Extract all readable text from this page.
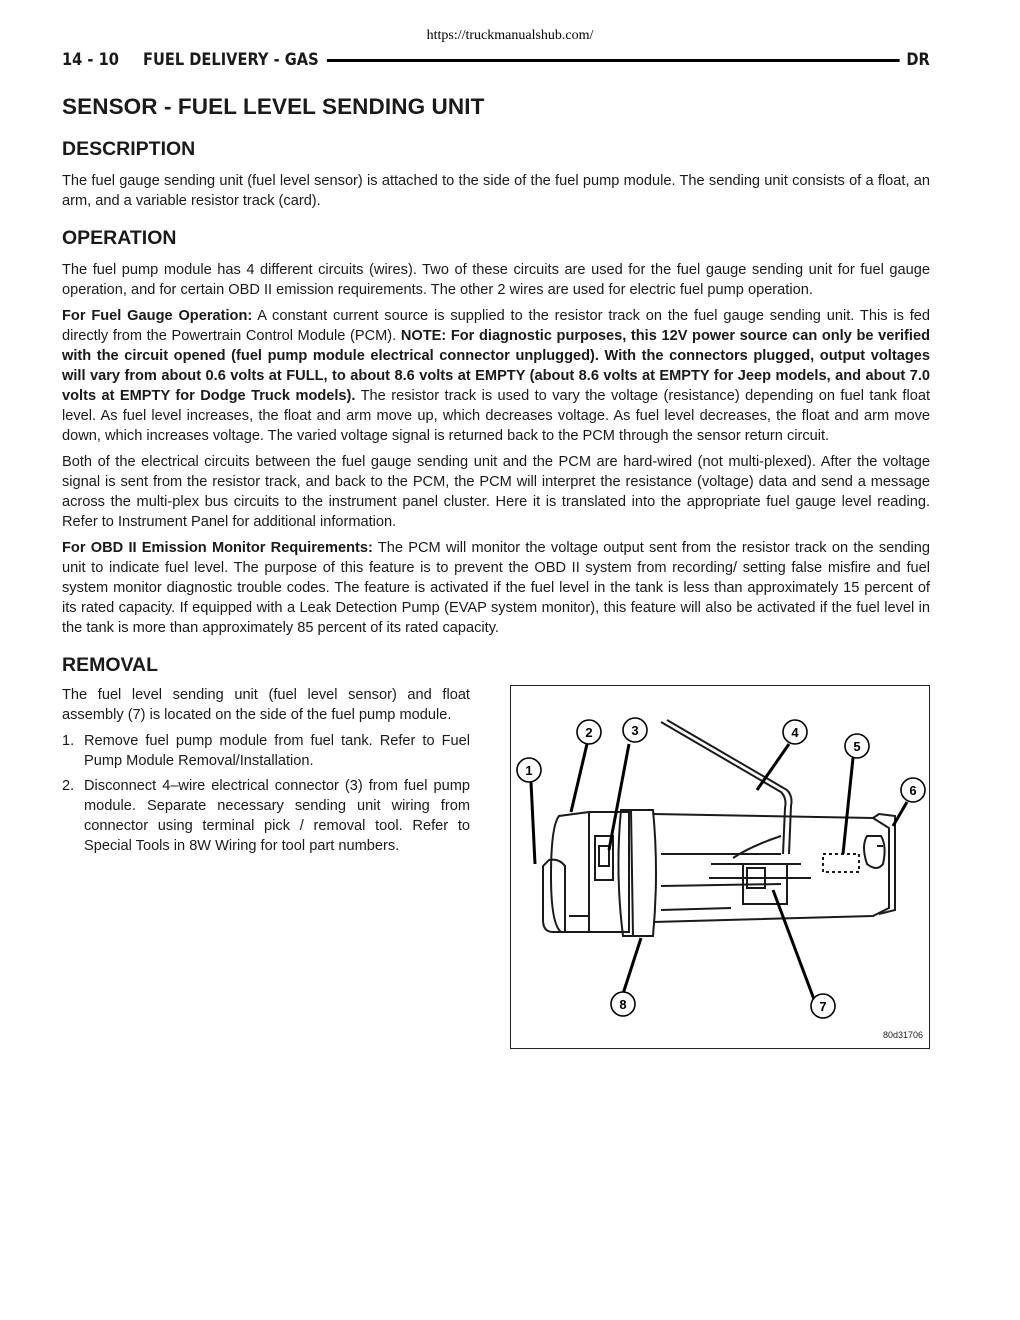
https://truckmanualshub.com/
14 - 10 FUEL DELIVERY - GAS	DR
SENSOR - FUEL LEVEL SENDING UNIT
DESCRIPTION

The fuel gauge sending unit (fuel level sensor) is attached to the side of the fuel pump module. The sending unit consists of a float, an arm, and a variable resistor track (card).

OPERATION

The fuel pump module has 4 different circuits (wires). Two of these circuits are used for the fuel gauge sending unit for fuel gauge operation, and for certain OBD II emission requirements. The other 2 wires are used for electric fuel pump operation.

For Fuel Gauge Operation: A constant current source is supplied to the resistor track on the fuel gauge sending unit. This is fed directly from the Powertrain Control Module (PCM). NOTE: For diagnostic purposes, this 12V power source can only be verified with the circuit opened (fuel pump module electrical connector unplugged). With the connectors plugged, output voltages will vary from about 0.6 volts at FULL, to about 8.6 volts at EMPTY (about 8.6 volts at EMPTY for Jeep models, and about 7.0 volts at EMPTY for Dodge Truck models). The resistor track is used to vary the voltage (resistance) depending on fuel tank float level. As fuel level increases, the float and arm move up, which decreases voltage. As fuel level decreases, the float and arm move down, which increases voltage. The varied voltage signal is returned back to the PCM through the sensor return circuit.

Both of the electrical circuits between the fuel gauge sending unit and the PCM are hard-wired (not multi-plexed). After the voltage signal is sent from the resistor track, and back to the PCM, the PCM will interpret the resistance (voltage) data and send a message across the multi-plex bus circuits to the instrument panel cluster. Here it is translated into the appropriate fuel gauge level reading. Refer to Instrument Panel for additional information.

For OBD II Emission Monitor Requirements: The PCM will monitor the voltage output sent from the resistor track on the sending unit to indicate fuel level. The purpose of this feature is to prevent the OBD II system from recording/ setting false misfire and fuel system monitor diagnostic trouble codes. The feature is activated if the fuel level in the tank is less than approximately 15 percent of its rated capacity. If equipped with a Leak Detection Pump (EVAP system monitor), this feature will also be activated if the fuel level in the tank is more than approximately 85 percent of its rated capacity.

REMOVAL

The fuel level sending unit (fuel level sensor) and float assembly (7) is located on the side of the fuel pump module.

1. Remove fuel pump module from fuel tank. Refer to Fuel Pump Module Removal/Installation.
2. Disconnect 4–wire electrical connector (3) from fuel pump module. Separate necessary sending unit wiring from connector using terminal pick / removal tool. Refer to Special Tools in 8W Wiring for tool part numbers.
1
2	3	4
5
6
7
8
80d31706
